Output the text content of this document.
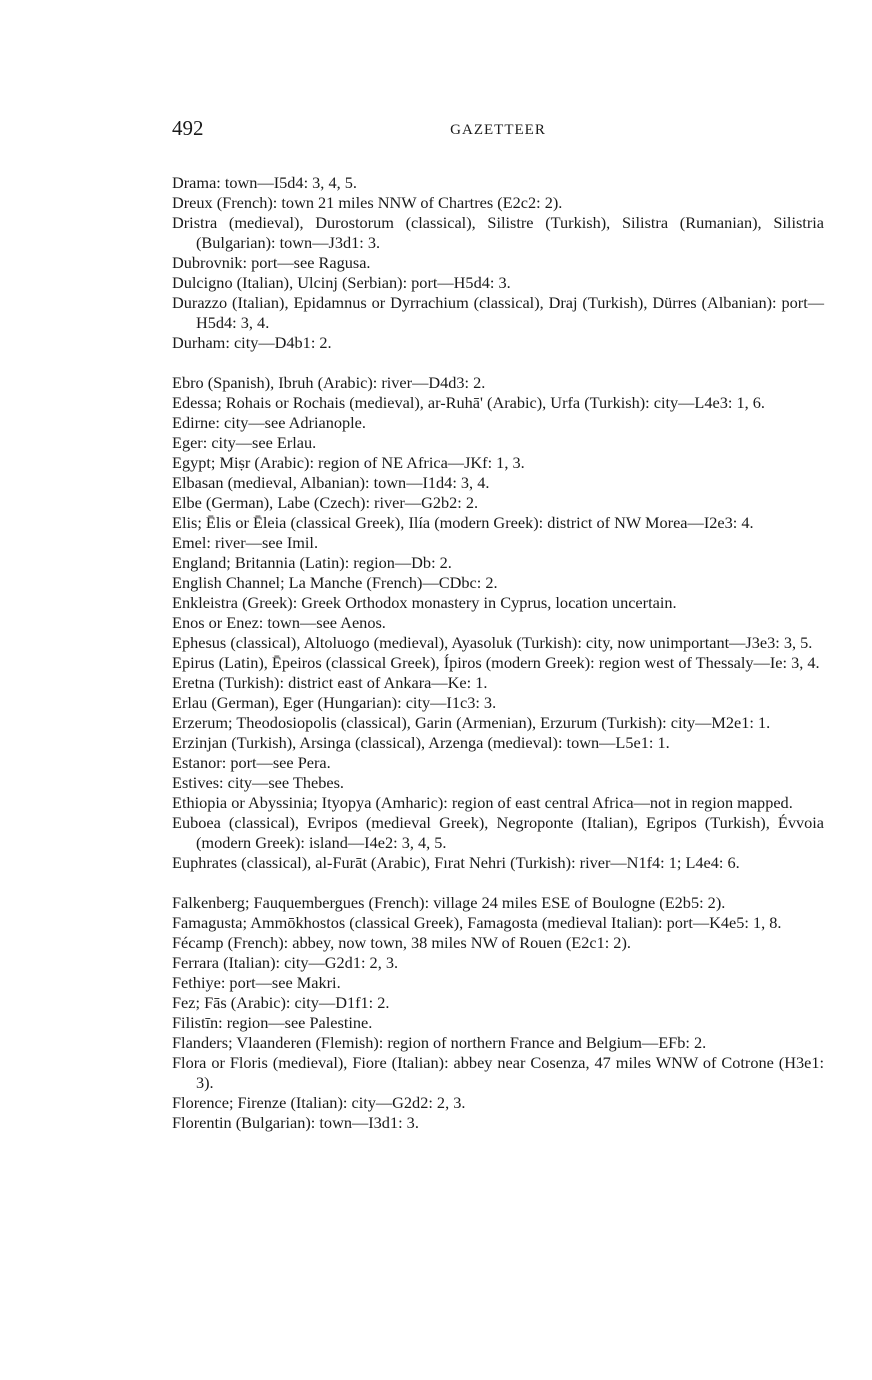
492	GAZETTEER

Drama: town—I5d4: 3, 4, 5.

Dreux (French): town 21 miles NNW of Chartres (E2c2: 2).

Dristra (medieval), Durostorum (classical), Silistre (Turkish), Silistra (Rumanian), Silistria (Bulgarian): town—J3d1: 3.

Dubrovnik: port—see Ragusa.

Dulcigno (Italian), Ulcinj (Serbian): port—H5d4: 3.

Durazzo (Italian), Epidamnus or Dyrrachium (classical), Draj (Turkish), Dürres (Albanian): port—H5d4: 3, 4.

Durham: city—D4b1: 2.

Ebro (Spanish), Ibruh (Arabic): river—D4d3: 2.

Edessa; Rohais or Rochais (medieval), ar-Ruhā' (Arabic), Urfa (Turkish): city—L4e3: 1, 6.

Edirne: city—see Adrianople.

Eger: city—see Erlau.

Egypt; Miṣr (Arabic): region of NE Africa—JKf: 1, 3.

Elbasan (medieval, Albanian): town—I1d4: 3, 4.

Elbe (German), Labe (Czech): river—G2b2: 2.

Elis; Ēlis or Ēleia (classical Greek), Ilía (modern Greek): district of NW Morea—I2e3: 4.

Emel: river—see Imil.

England; Britannia (Latin): region—Db: 2.

English Channel; La Manche (French)—CDbc: 2.

Enkleistra (Greek): Greek Orthodox monastery in Cyprus, location uncertain.

Enos or Enez: town—see Aenos.

Ephesus (classical), Altoluogo (medieval), Ayasoluk (Turkish): city, now unimportant—J3e3: 3, 5.

Epirus (Latin), Ēpeiros (classical Greek), Ípiros (modern Greek): region west of Thessaly—Ie: 3, 4.

Eretna (Turkish): district east of Ankara—Ke: 1.

Erlau (German), Eger (Hungarian): city—I1c3: 3.

Erzerum; Theodosiopolis (classical), Garin (Armenian), Erzurum (Turkish): city—M2e1: 1.

Erzinjan (Turkish), Arsinga (classical), Arzenga (medieval): town—L5e1: 1.

Estanor: port—see Pera.

Estives: city—see Thebes.

Ethiopia or Abyssinia; Ityopya (Amharic): region of east central Africa—not in region mapped.

Euboea (classical), Evripos (medieval Greek), Negroponte (Italian), Egripos (Turkish), Évvoia (modern Greek): island—I4e2: 3, 4, 5.

Euphrates (classical), al-Furāt (Arabic), Fırat Nehri (Turkish): river—N1f4: 1; L4e4: 6.

Falkenberg; Fauquembergues (French): village 24 miles ESE of Boulogne (E2b5: 2).

Famagusta; Ammōkhostos (classical Greek), Famagosta (medieval Italian): port—K4e5: 1, 8.

Fécamp (French): abbey, now town, 38 miles NW of Rouen (E2c1: 2).

Ferrara (Italian): city—G2d1: 2, 3.

Fethiye: port—see Makri.

Fez; Fās (Arabic): city—D1f1: 2.

Filistīn: region—see Palestine.

Flanders; Vlaanderen (Flemish): region of northern France and Belgium—EFb: 2.

Flora or Floris (medieval), Fiore (Italian): abbey near Cosenza, 47 miles WNW of Cotrone (H3e1: 3).

Florence; Firenze (Italian): city—G2d2: 2, 3.

Florentin (Bulgarian): town—I3d1: 3.
